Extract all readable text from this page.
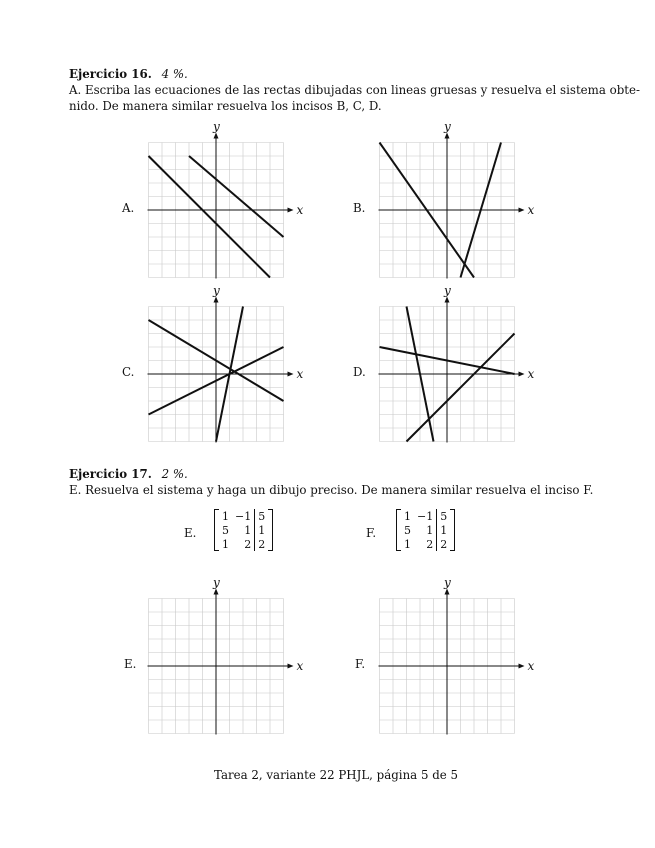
Ejercicio 16. 4 %.
A. Escriba las ecuaciones de las rectas dibujadas con lineas gruesas y resuelva el sistema obte-
nido. De manera similar resuelva los incisos B, C, D.
x
y
x
y
x
y
x
y
x
y
x
y
A.	B.
C.	D.
E.	F.
Ejercicio 17. 2 %.
E. Resuelva el sistema y haga un dibujo preciso. De manera similar resuelva el inciso F.
E.
1	−1	5
5	1	1
1	2	2
F.
1	−1	5
5	1	1
1	2	2
Tarea 2, variante 22 PHJL, página 5 de 5
